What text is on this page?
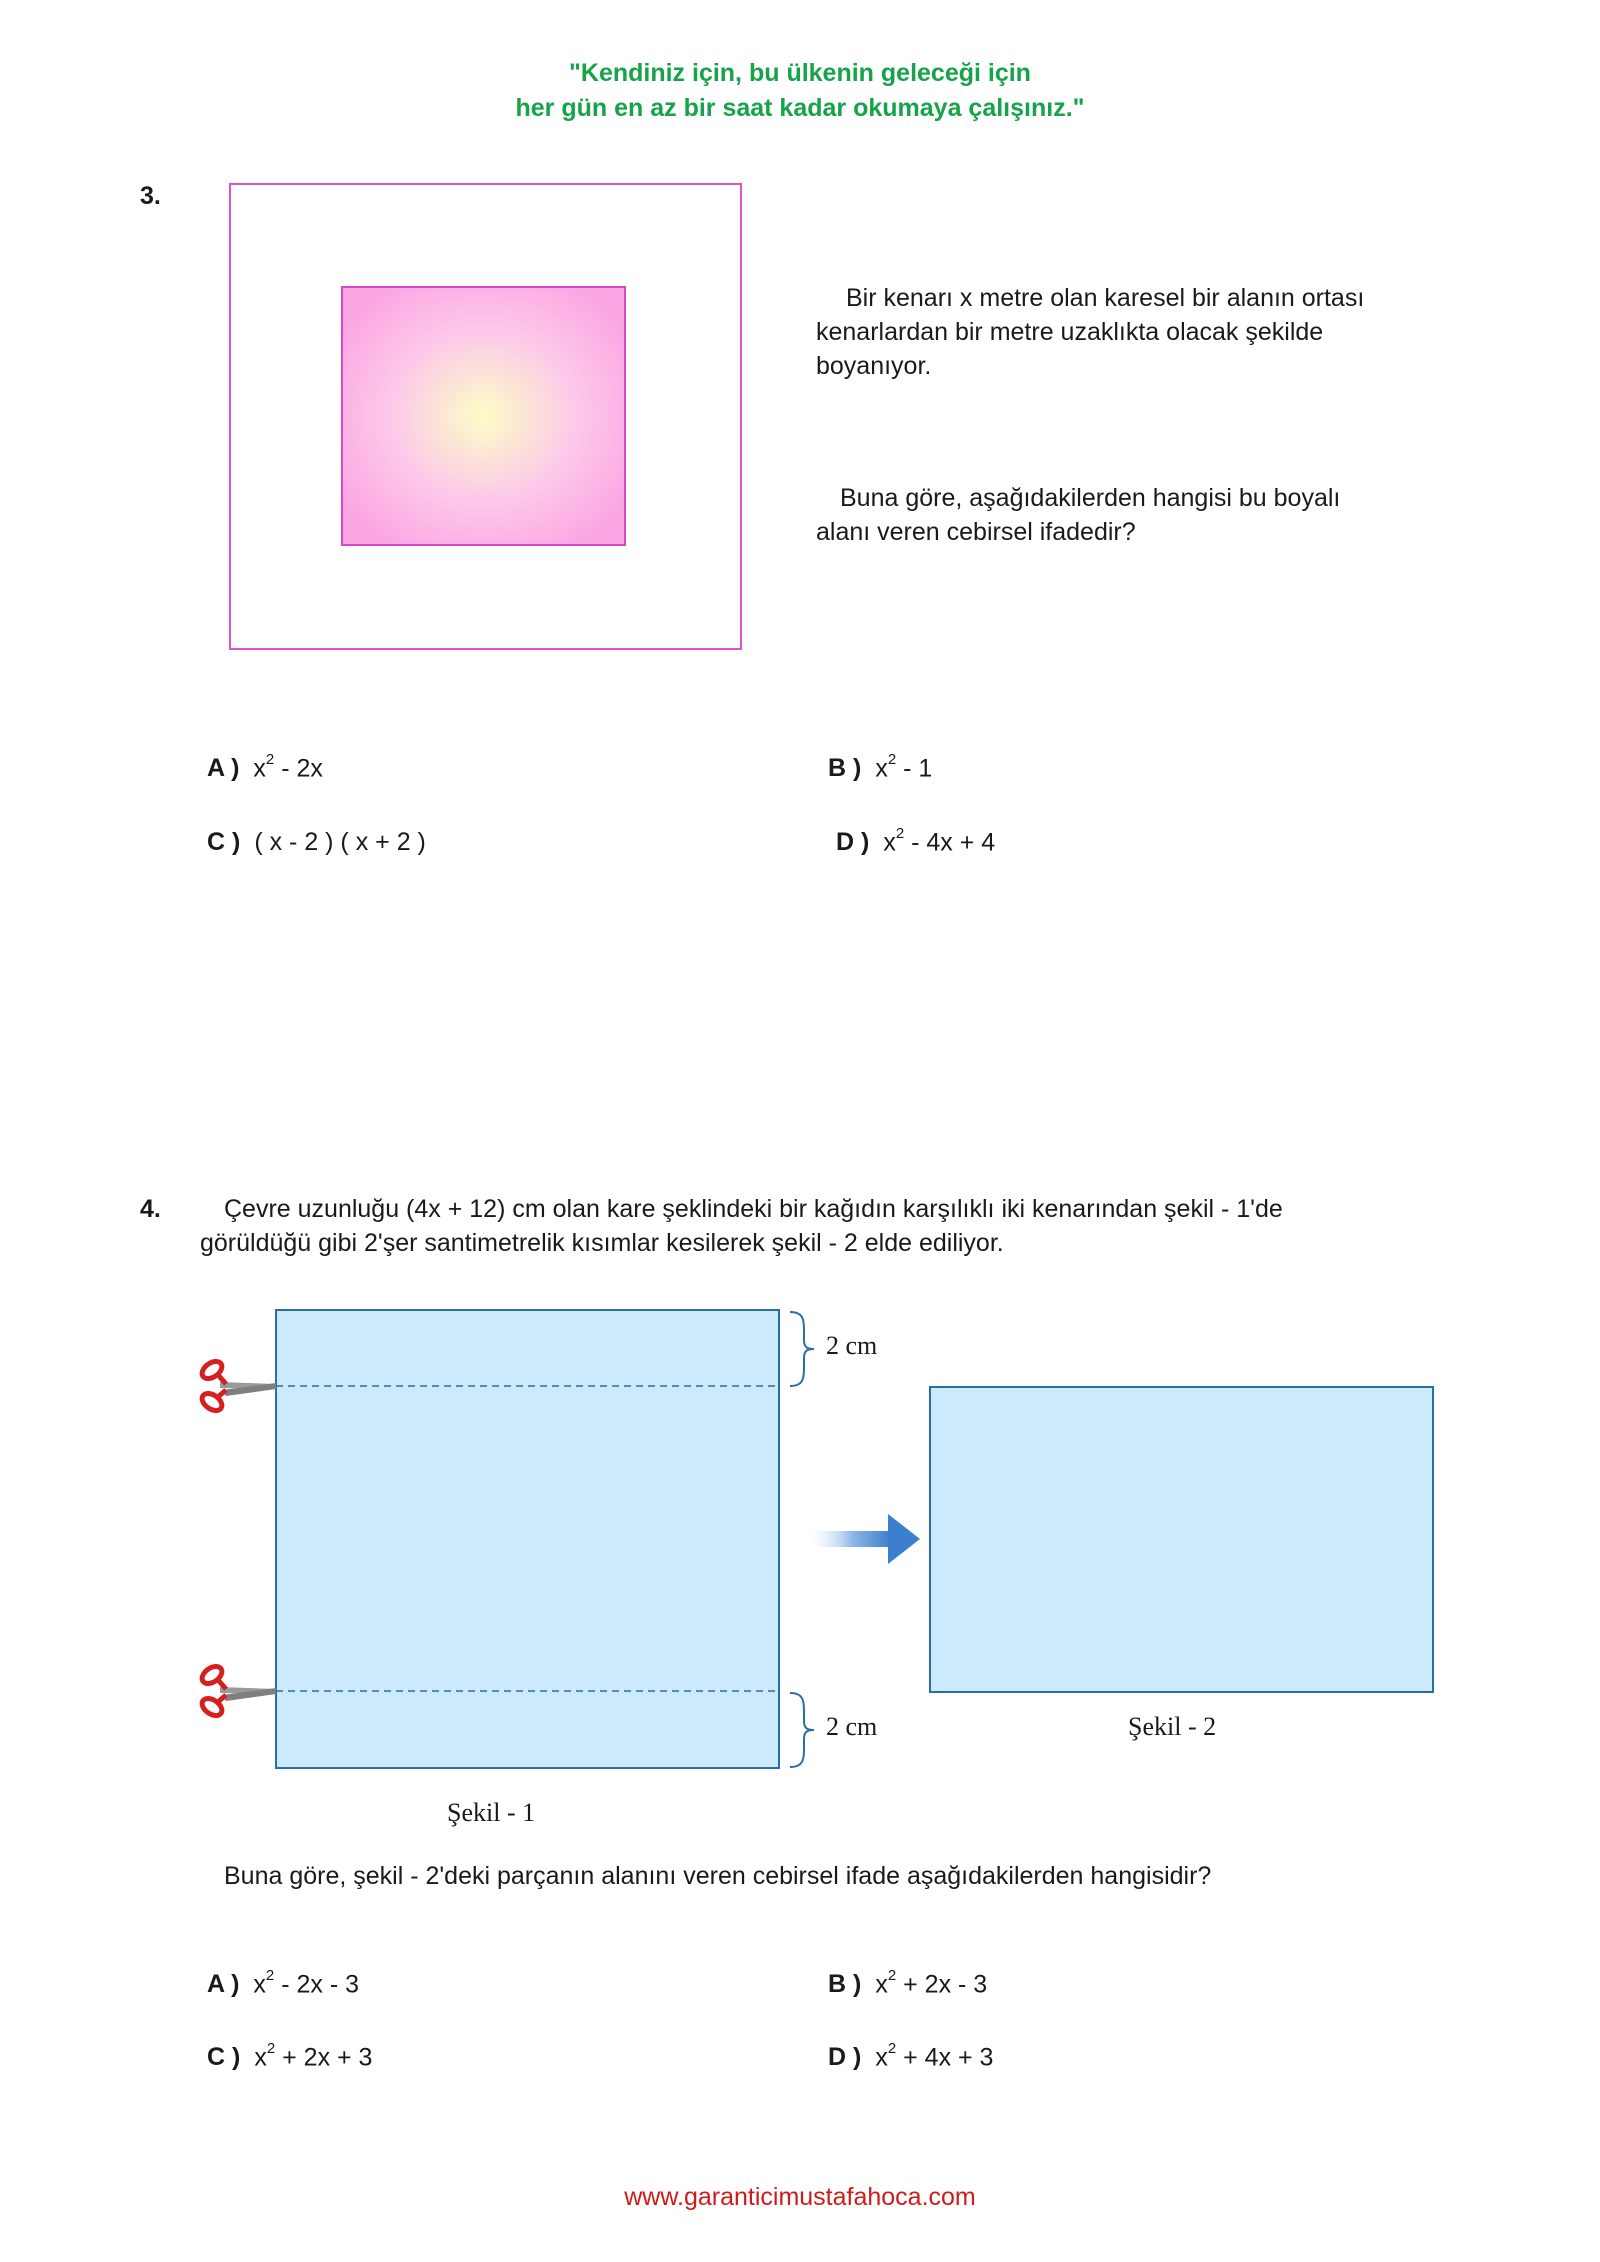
"Kendiniz için, bu ülkenin geleceği için
her gün en az bir saat kadar okumaya çalışınız."
3.
Bir kenarı x metre olan karesel bir alanın ortası
kenarlardan bir metre uzaklıkta olacak şekilde
boyanıyor.
Buna göre, aşağıdakilerden hangisi bu boyalı
alanı veren cebirsel ifadedir?
A ) $x^2 - 2x$	B ) $x^2 - 1$
C ) ( x - 2 ) ( x + 2 )	D ) $x^2 - 4x + 4$
4.	Çevre uzunluğu (4x + 12) cm olan kare şeklindeki bir kağıdın karşılıklı iki kenarından şekil - 1'de
görüldüğü gibi 2'şer santimetrelik kısımlar kesilerek şekil - 2 elde ediliyor.
2 cm
2 cm
Şekil - 1
Şekil - 2
Buna göre, şekil - 2'deki parçanın alanını veren cebirsel ifade aşağıdakilerden hangisidir?
A ) $x^2 - 2x - 3$	B ) $x^2 + 2x - 3$
C ) $x^2 + 2x + 3$	D ) $x^2 + 4x + 3$
www.garanticimustafahoca.com
